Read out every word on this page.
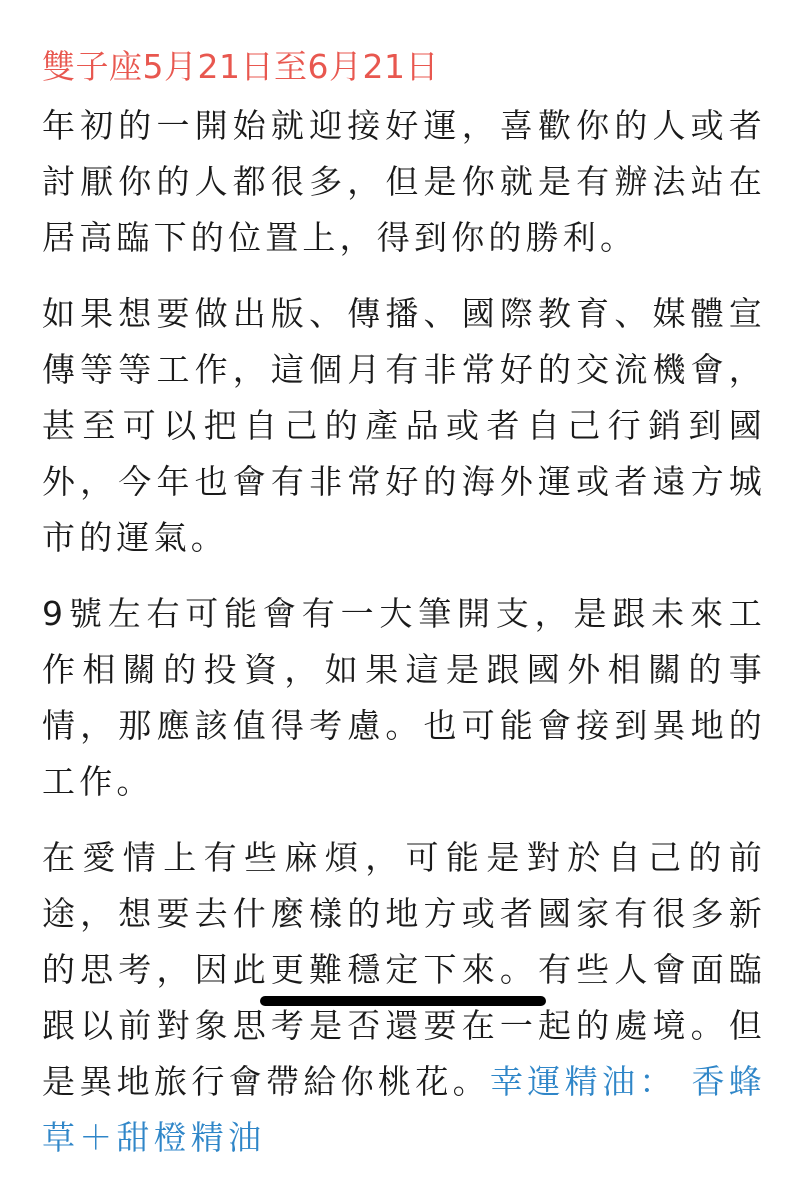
雙子座5月21日至6月21日

年初的一開始就迎接好運，喜歡你的人或者討厭你的人都很多，但是你就是有辦法站在居高臨下的位置上，得到你的勝利。

如果想要做出版、傳播、國際教育、媒體宣傳等等工作，這個月有非常好的交流機會，甚至可以把自己的產品或者自己行銷到國外，今年也會有非常好的海外運或者遠方城市的運氣。

9號左右可能會有一大筆開支，是跟未來工作相關的投資，如果這是跟國外相關的事情，那應該值得考慮。也可能會接到異地的工作。

在愛情上有些麻煩，可能是對於自己的前途，想要去什麼樣的地方或者國家有很多新的思考，因此更難穩定下來。有些人會面臨跟以前對象思考是否還要在一起的處境。但是異地旅行會帶給你桃花。幸運精油： 香蜂草＋甜橙精油
